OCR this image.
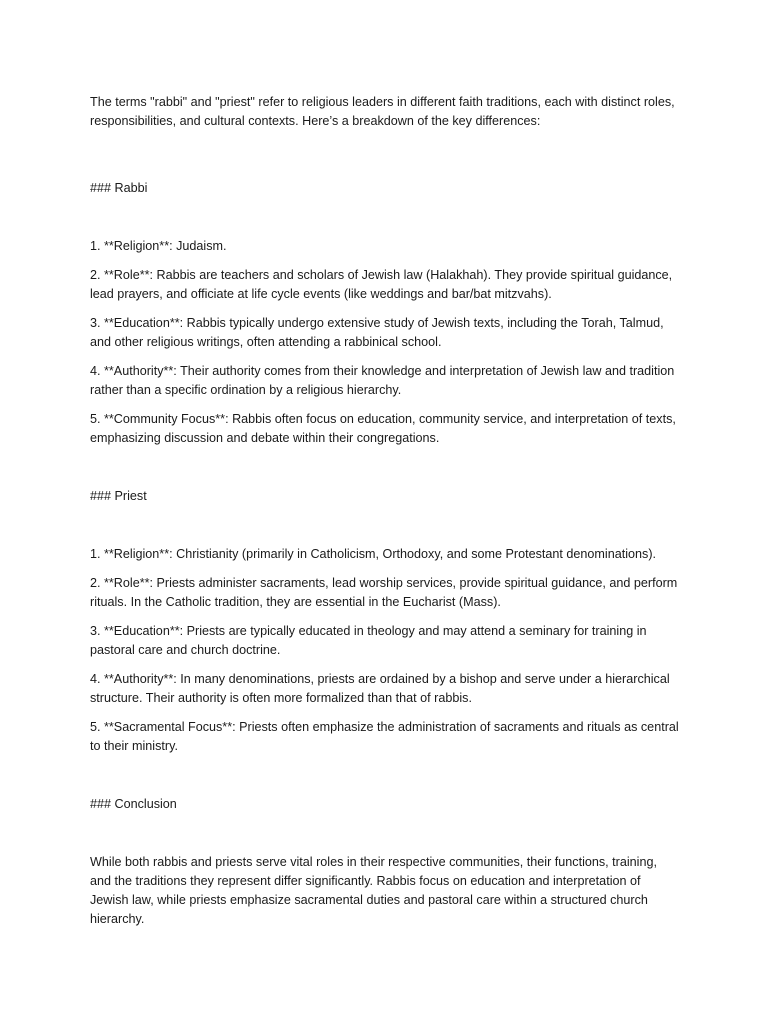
The terms "rabbi" and "priest" refer to religious leaders in different faith traditions, each with distinct roles, responsibilities, and cultural contexts. Here’s a breakdown of the key differences:

### Rabbi

1. **Religion**: Judaism.

2. **Role**: Rabbis are teachers and scholars of Jewish law (Halakhah). They provide spiritual guidance, lead prayers, and officiate at life cycle events (like weddings and bar/bat mitzvahs).

3. **Education**: Rabbis typically undergo extensive study of Jewish texts, including the Torah, Talmud, and other religious writings, often attending a rabbinical school.

4. **Authority**: Their authority comes from their knowledge and interpretation of Jewish law and tradition rather than a specific ordination by a religious hierarchy.

5. **Community Focus**: Rabbis often focus on education, community service, and interpretation of texts, emphasizing discussion and debate within their congregations.

### Priest

1. **Religion**: Christianity (primarily in Catholicism, Orthodoxy, and some Protestant denominations).

2. **Role**: Priests administer sacraments, lead worship services, provide spiritual guidance, and perform rituals. In the Catholic tradition, they are essential in the Eucharist (Mass).

3. **Education**: Priests are typically educated in theology and may attend a seminary for training in pastoral care and church doctrine.

4. **Authority**: In many denominations, priests are ordained by a bishop and serve under a hierarchical structure. Their authority is often more formalized than that of rabbis.

5. **Sacramental Focus**: Priests often emphasize the administration of sacraments and rituals as central to their ministry.

### Conclusion

While both rabbis and priests serve vital roles in their respective communities, their functions, training, and the traditions they represent differ significantly. Rabbis focus on education and interpretation of Jewish law, while priests emphasize sacramental duties and pastoral care within a structured church hierarchy.
